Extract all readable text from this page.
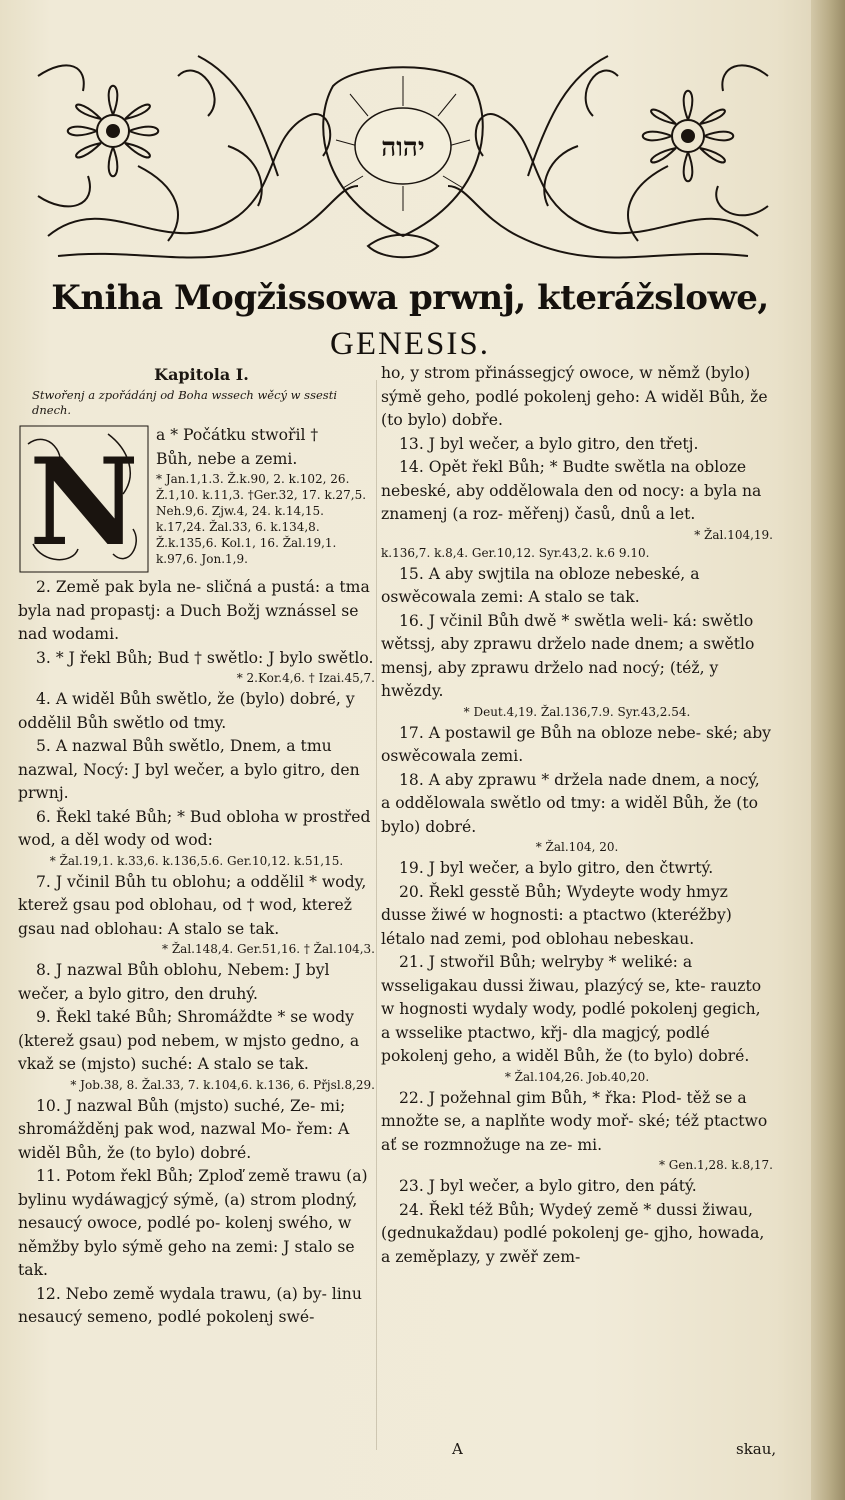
יהוה
Kniha Mogžissowa prwnj, kterážslowe,
GENESIS.
Kapitola I.
Stwořenj a zpořádánj od Boha wssech wěcý w ssesti dnech.
N a * Počátku stwořil †
Bůh, nebe a zemi.
* Jan.1,1.3. Ž.k.90, 2. k.102, 26. Ž.1,10. k.11,3. †Ger.32, 17. k.27,5. Neh.9,6. Zjw.4, 24. k.14,15. k.17,24. Žal.33, 6. k.134,8. Ž.k.135,6. Kol.1, 16. Žal.19,1. k.97,6. Jon.1,9.

2. Země pak byla ne- sličná a pustá: a tma byla nad propastj: a Duch Božj wznássel se nad wodami.

3. * J řekl Bůh; Bud † swětlo: J bylo swětlo.

* 2.Kor.4,6. † Izai.45,7.

4. A widěl Bůh swětlo, že (bylo) dobré, y oddělil Bůh swětlo od tmy.

5. A nazwal Bůh swětlo, Dnem, a tmu nazwal, Nocý: J byl wečer, a bylo gitro, den prwnj.

6. Řekl také Bůh; * Bud obloha w prostřed wod, a děl wody od wod:

* Žal.19,1. k.33,6. k.136,5.6. Ger.10,12. k.51,15.

7. J včinil Bůh tu oblohu; a oddělil * wody, kterež gsau pod oblohau, od † wod, kterež gsau nad oblohau: A stalo se tak.

* Žal.148,4. Ger.51,16. † Žal.104,3.

8. J nazwal Bůh oblohu, Nebem: J byl wečer, a bylo gitro, den druhý.

9. Řekl také Bůh; Shromáždte * se wody (kterež gsau) pod nebem, w mjsto gedno, a vkaž se (mjsto) suché: A stalo se tak.

* Job.38, 8. Žal.33, 7. k.104,6. k.136, 6. Přjsl.8,29.

10. J nazwal Bůh (mjsto) suché, Ze- mi; shromážděnj pak wod, nazwal Mo- řem: A widěl Bůh, že (to bylo) dobré.

11. Potom řekl Bůh; Zploď země trawu (a) bylinu wydáwagjcý sýmě, (a) strom plodný, nesaucý owoce, podlé po- kolenj swého, w němžby bylo sýmě geho na zemi: J stalo se tak.

12. Nebo země wydala trawu, (a) by- linu nesaucý semeno, podlé pokolenj swé-

ho, y strom přinássegjcý owoce, w němž (bylo) sýmě geho, podlé pokolenj geho: A widěl Bůh, že (to bylo) dobře.

13. J byl wečer, a bylo gitro, den třetj.

14. Opět řekl Bůh; * Budte swětla na obloze nebeské, aby oddělowala den od nocy: a byla na znamenj (a roz- měřenj) časů, dnů a let.

* Žal.104,19.

k.136,7. k.8,4. Ger.10,12. Syr.43,2. k.6 9.10.

15. A aby swjtila na obloze nebeské, a oswěcowala zemi: A stalo se tak.

16. J včinil Bůh dwě * swětla weli- ká: swětlo wětssj, aby zprawu drželo nade dnem; a swětlo mensj, aby zprawu drželo nad nocý; (též, y hwězdy.

* Deut.4,19. Žal.136,7.9. Syr.43,2.54.

17. A postawil ge Bůh na obloze nebe- ské; aby oswěcowala zemi.

18. A aby zprawu * držela nade dnem, a nocý, a oddělowala swětlo od tmy: a widěl Bůh, že (to bylo) dobré.

* Žal.104, 20.

19. J byl wečer, a bylo gitro, den čtwrtý.

20. Řekl gesstě Bůh; Wydeyte wody hmyz dusse žiwé w hognosti: a ptactwo (kteréžby) létalo nad zemi, pod oblohau nebeskau.

21. J stwořil Bůh; welryby * weliké: a wsseligakau dussi žiwau, plazýcý se, kte- rauzto w hognosti wydaly wody, podlé pokolenj gegich, a wsselike ptactwo, křj- dla magjcý, podlé pokolenj geho, a widěl Bůh, že (to bylo) dobré.

* Žal.104,26. Job.40,20.

22. J požehnal gim Bůh, * řka: Plod- těž se a množte se, a naplňte wody moř- ské; též ptactwo ať se rozmnožuge na ze- mi.

* Gen.1,28. k.8,17.

23. J byl wečer, a bylo gitro, den pátý.

24. Řekl též Bůh; Wydeý země * dussi žiwau, (gednukaždau) podlé pokolenj ge- gjho, howada, a zeměplazy, y zwěř zem-

A	skau,
